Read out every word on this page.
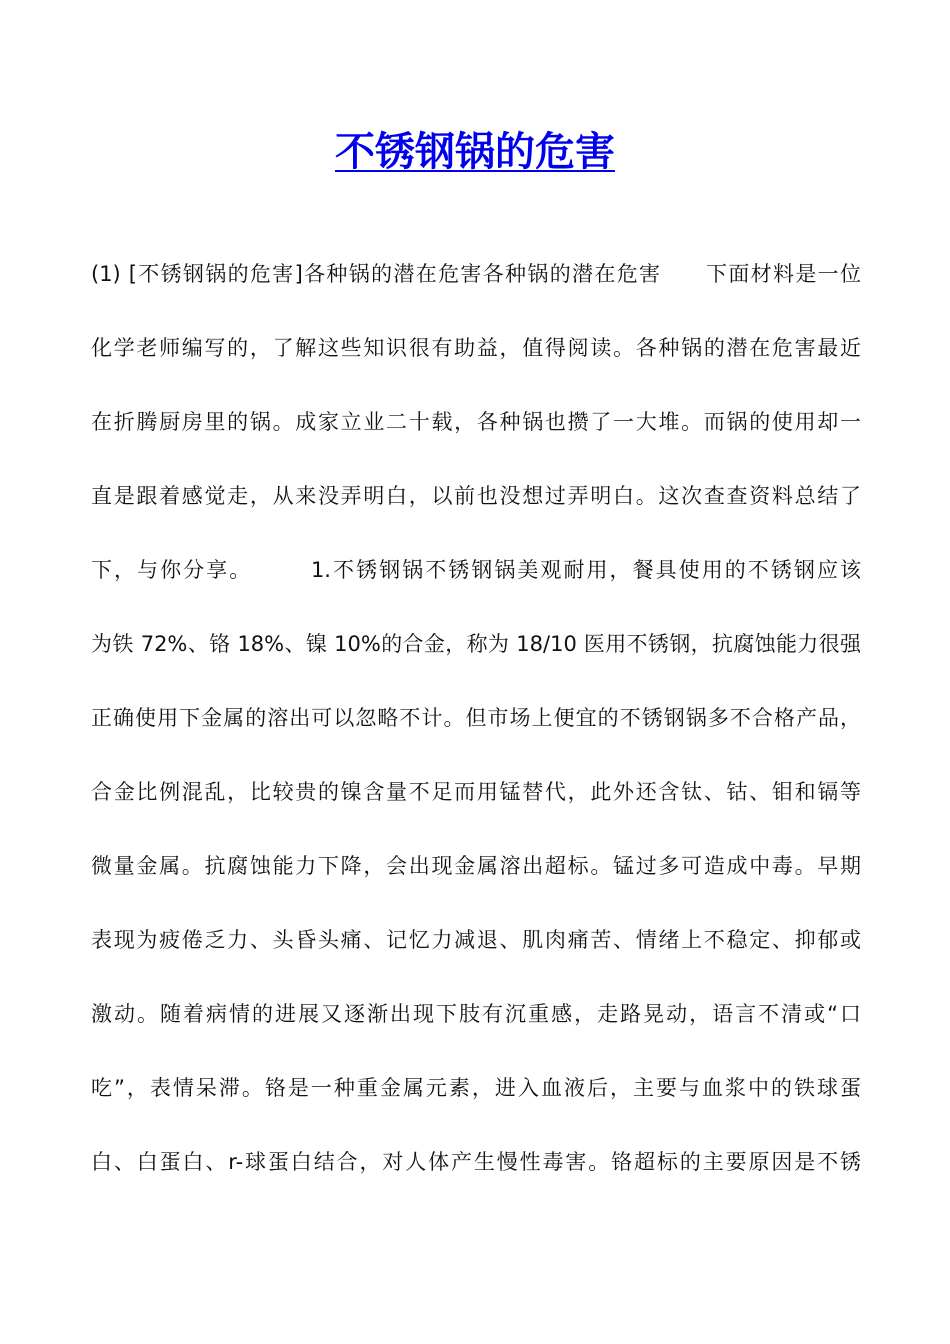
不锈钢锅的危害
(1) [不锈钢锅的危害]各种锅的潜在危害各种锅的潜在危害　　下面材料是一位
化学老师编写的，了解这些知识很有助益，值得阅读。各种锅的潜在危害最近
在折腾厨房里的锅。成家立业二十载，各种锅也攒了一大堆。而锅的使用却一
直是跟着感觉走，从来没弄明白，以前也没想过弄明白。这次查查资料总结了
下，与你分享。　　　1.不锈钢锅不锈钢锅美观耐用，餐具使用的不锈钢应该
为铁 72%、铬 18%、镍 10%的合金，称为 18/10 医用不锈钢，抗腐蚀能力很强
正确使用下金属的溶出可以忽略不计。但市场上便宜的不锈钢锅多不合格产品，
合金比例混乱，比较贵的镍含量不足而用锰替代，此外还含钛、钴、钼和镉等
微量金属。抗腐蚀能力下降，会出现金属溶出超标。锰过多可造成中毒。早期
表现为疲倦乏力、头昏头痛、记忆力减退、肌肉痛苦、情绪上不稳定、抑郁或
激动。随着病情的进展又逐渐出现下肢有沉重感，走路晃动，语言不清或“口
吃”，表情呆滞。铬是一种重金属元素，进入血液后，主要与血浆中的铁球蛋
白、白蛋白、r-球蛋白结合，对人体产生慢性毒害。铬超标的主要原因是不锈
